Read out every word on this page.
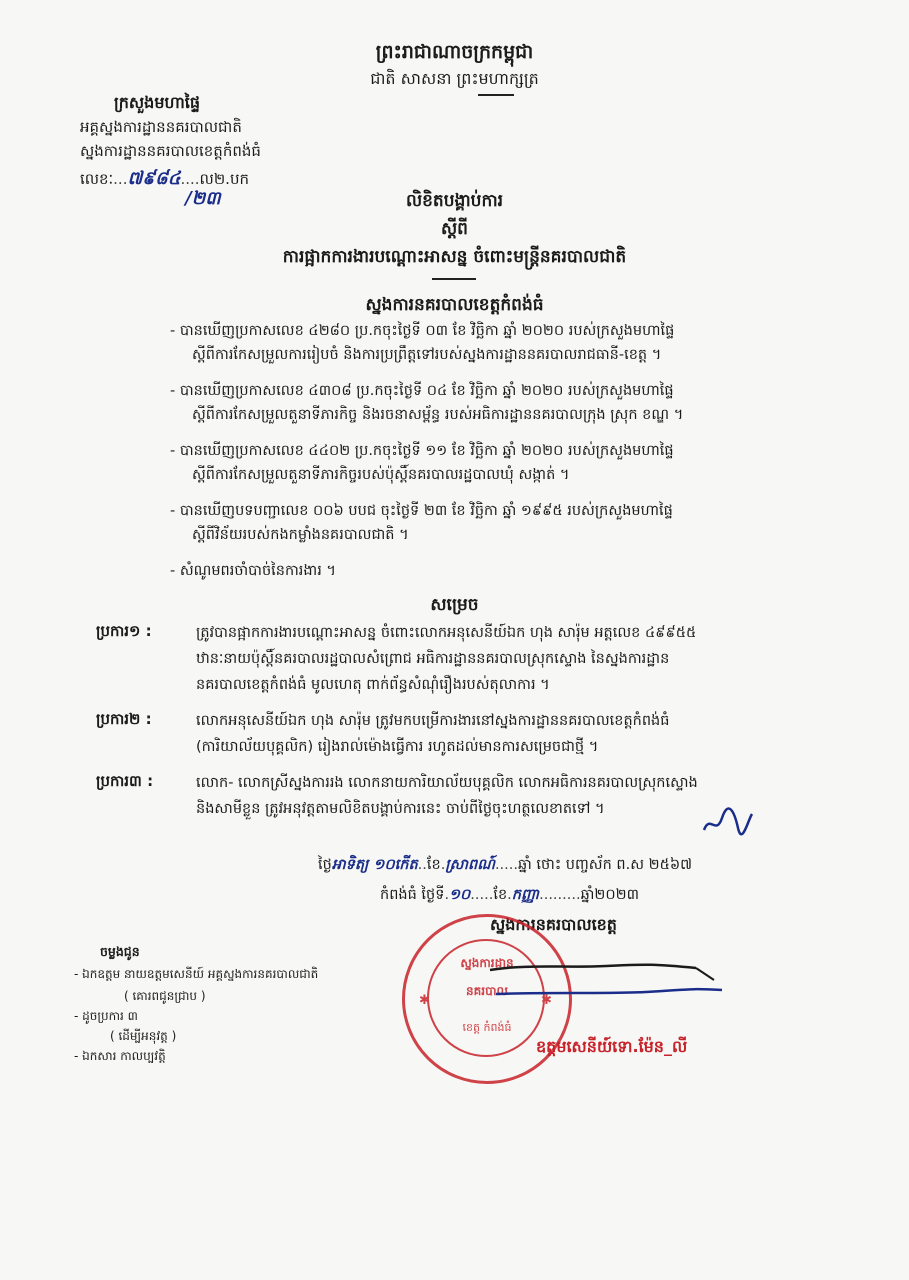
ព្រះរាជាណាចក្រកម្ពុជា
ជាតិ សាសនា ព្រះមហាក្សត្រ
ក្រសួងមហាផ្ទៃ
អគ្គស្នងការដ្ឋាននគរបាលជាតិ
ស្នងការដ្ឋាននគរបាលខេត្តកំពង់ធំ
លេខៈ...៧៩៨៤....ល២.បក
/២៣	លិខិតបង្គាប់ការ
ស្តីពី
ការផ្អាកការងារបណ្តោះអាសន្ន ចំពោះមន្ត្រីនគរបាលជាតិ
ស្នងការនគរបាលខេត្តកំពង់ធំ
- បានឃើញប្រកាសលេខ ៤២៨០ ប្រ.កចុះថ្ងៃទី ០៣ ខែ វិច្ឆិកា ឆ្នាំ ២០២០ របស់ក្រសួងមហាផ្ទៃ
ស្តីពីការកែសម្រួលការរៀបចំ និងការប្រព្រឹត្តទៅរបស់ស្នងការដ្ឋាននគរបាលរាជធានី-ខេត្ត ។
- បានឃើញប្រកាសលេខ ៤៣០៨ ប្រ.កចុះថ្ងៃទី ០៤ ខែ វិច្ឆិកា ឆ្នាំ ២០២០ របស់ក្រសួងមហាផ្ទៃ
ស្តីពីការកែសម្រួលតួនាទីភារកិច្ច និងរចនាសម្ព័ន្ធ របស់អធិការដ្ឋាននគរបាលក្រុង ស្រុក ខណ្ឌ ។
- បានឃើញប្រកាសលេខ ៤៤០២ ប្រ.កចុះថ្ងៃទី ១១ ខែ វិច្ឆិកា ឆ្នាំ ២០២០ របស់ក្រសួងមហាផ្ទៃ
ស្តីពីការកែសម្រួលតួនាទីភារកិច្ចរបស់ប៉ុស្តិ៍នគរបាលរដ្ឋបាលឃុំ សង្កាត់ ។
- បានឃើញបទបញ្ជាលេខ ០០៦ បបជ ចុះថ្ងៃទី ២៣ ខែ វិច្ឆិកា ឆ្នាំ ១៩៩៥ របស់ក្រសួងមហាផ្ទៃ
ស្តីពីវិន័យរបស់កងកម្លាំងនគរបាលជាតិ ។
- សំណូមពរចាំបាច់នៃការងារ ។
សម្រេច
ប្រការ១ :	ត្រូវបានផ្អាកការងារបណ្តោះអាសន្ន ចំពោះលោកអនុសេនីយ៍ឯក ហុង សារ៉ុម អត្តលេខ ៤៩៩៥៥
ឋានៈនាយប៉ុស្តិ៍នគរបាលរដ្ឋបាលសំព្រោជ អធិការដ្ឋាននគរបាលស្រុកស្ទោង នៃស្នងការដ្ឋាន
នគរបាលខេត្តកំពង់ធំ មូលហេតុ ពាក់ព័ន្ធសំណុំរឿងរបស់តុលាការ ។
ប្រការ២ :	លោកអនុសេនីយ៍ឯក ហុង សារ៉ុម ត្រូវមកបម្រើការងារនៅស្នងការដ្ឋាននគរបាលខេត្តកំពង់ធំ
(ការិយាល័យបុគ្គលិក) រៀងរាល់ម៉ោងធ្វើការ រហូតដល់មានការសម្រេចជាថ្មី ។
ប្រការ៣ :	លោក- លោកស្រីស្នងការរង លោកនាយការិយាល័យបុគ្គលិក លោកអធិការនគរបាលស្រុកស្ទោង
និងសាមីខ្លួន ត្រូវអនុវត្តតាមលិខិតបង្គាប់ការនេះ ចាប់ពីថ្ងៃចុះហត្ថលេខាតទៅ ។
ថ្ងៃអាទិត្យ ១០កើត..ខែ.ស្រាពណ៍.....ឆ្នាំ ថោះ បញ្ចស័ក ព.ស ២៥៦៧
កំពង់ធំ ថ្ងៃទី.១០.....ខែ.កញ្ញា.........ឆ្នាំ២០២៣
ស្នងការនគរបាលខេត្ត
ស្នងការដ្ឋាន
នគរបាល
ខេត្ត កំពង់ធំ
✱	✱
ឧត្តមសេនីយ៍ទោ.ម៉ែន_លី
ចម្លងជូន
- ឯកឧត្តម នាយឧត្តមសេនីយ៍ អគ្គស្នងការនគរបាលជាតិ
( គោរពជូនជ្រាប )
- ដូចប្រការ ៣
( ដើម្បីអនុវត្ត )
- ឯកសារ កាលប្បវត្តិ
